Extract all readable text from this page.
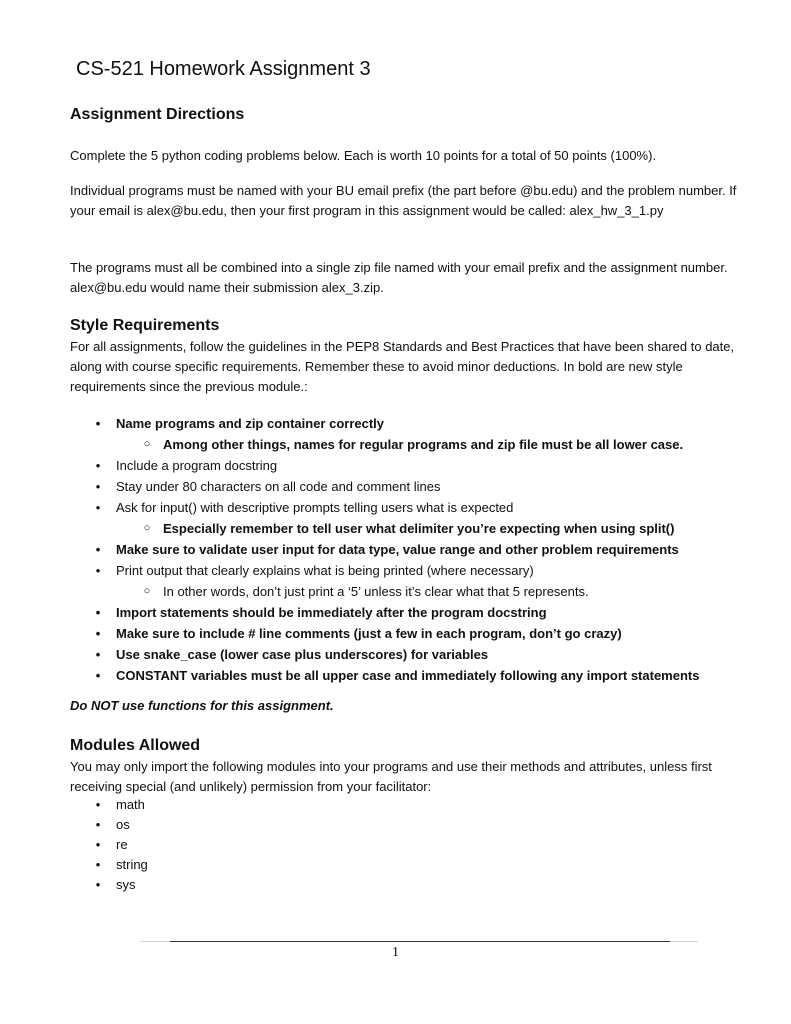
CS-521 Homework Assignment 3
Assignment Directions

Complete the 5 python coding problems below. Each is worth 10 points for a total of 50 points (100%).

Individual programs must be named with your BU email prefix (the part before @bu.edu) and the problem number. If your email is alex@bu.edu, then your first program in this assignment would be called: alex_hw_3_1.py

The programs must all be combined into a single zip file named with your email prefix and the assignment number. alex@bu.edu would name their submission alex_3.zip.

Style Requirements

For all assignments, follow the guidelines in the PEP8 Standards and Best Practices that have been shared to date, along with course specific requirements. Remember these to avoid minor deductions. In bold are new style requirements since the previous module.:

• Name programs and zip container correctly
○ Among other things, names for regular programs and zip file must be all lower case.
• Include a program docstring
• Stay under 80 characters on all code and comment lines
• Ask for input() with descriptive prompts telling users what is expected
○ Especially remember to tell user what delimiter you’re expecting when using split()
• Make sure to validate user input for data type, value range and other problem requirements
• Print output that clearly explains what is being printed (where necessary)
○ In other words, don’t just print a ‘5’ unless it’s clear what that 5 represents.
• Import statements should be immediately after the program docstring
• Make sure to include # line comments (just a few in each program, don’t go crazy)
• Use snake_case (lower case plus underscores) for variables
• CONSTANT variables must be all upper case and immediately following any import statements

Do NOT use functions for this assignment.

Modules Allowed

You may only import the following modules into your programs and use their methods and attributes, unless first receiving special (and unlikely) permission from your facilitator:

• math
• os
• re
• string
• sys
1
